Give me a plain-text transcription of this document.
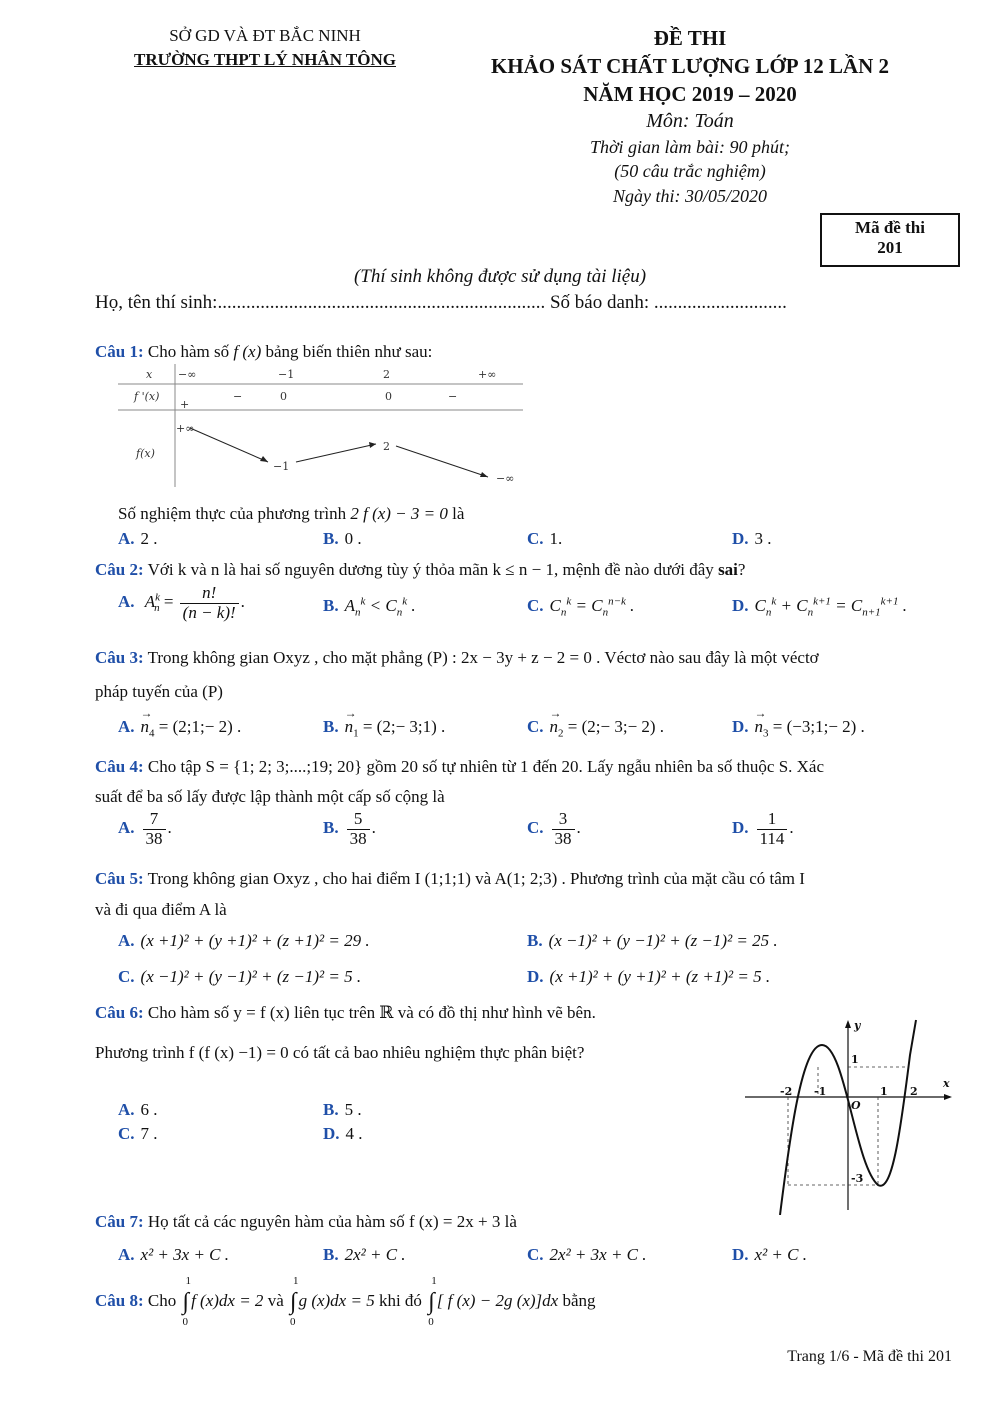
SỞ GD VÀ ĐT BẮC NINH
TRƯỜNG THPT LÝ NHÂN TÔNG
ĐỀ THI
KHẢO SÁT CHẤT LƯỢNG LỚP 12 LẦN 2
NĂM HỌC 2019 – 2020
Môn: Toán
Thời gian làm bài: 90 phút;
(50 câu trắc nghiệm)
Ngày thi: 30/05/2020
Mã đề thi
201
(Thí sinh không được sử dụng tài liệu)
Họ, tên thí sinh:..................................................................... Số báo danh: ............................
Câu 1: Cho hàm số f (x) bảng biến thiên như sau:
x −∞	−1	2	+∞
f '(x)
+
−	0	0	−
f(x)
+∞
−1
2
−∞
Số nghiệm thực của phương trình 2 f (x) − 3 = 0 là
A. 2 .	B. 0 .	C. 1.	D. 3 .
Câu 2: Với k và n là hai số nguyên dương tùy ý thỏa mãn k ≤ n − 1, mệnh đề nào dưới đây sai?
A. $A^k_n = \frac{n!}{(n - k)!}$ .	B. $A_n^k < C_n^k$ .	C. $C_n^k = C_n^{n-k}$ .	D. $C_n^k + C_n^{k+1} = C_{n+1}^{k+1}$ .
Câu 3: Trong không gian Oxyz , cho mặt phẳng (P) : 2x − 3y + z − 2 = 0 . Véctơ nào sau đây là một véctơ
pháp tuyến của (P)
$A.\to n_4$ = (2;1;− 2) .	$B.\to n_1$ = (2;− 3;1) .	$C.\to n_2$ = (2;− 3;− 2) .	$D.\to n_3$ = (−3;1;− 2) .
Câu 4: Cho tập S = {1; 2; 3;....;19; 20} gồm 20 số tự nhiên từ 1 đến 20. Lấy ngẫu nhiên ba số thuộc S. Xác
suất để ba số lấy được lập thành một cấp số cộng là
A. $\frac{7}{38}$ .	B. $\frac{5}{38}$ .	C. $\frac{3}{38}$ .	D. $\frac{1}{114}$ .
Câu 5: Trong không gian Oxyz , cho hai điểm I (1;1;1) và A(1; 2;3) . Phương trình của mặt cầu có tâm I
và đi qua điểm A là
A. (x +1)² + (y +1)² + (z +1)² = 29 .	B. (x −1)² + (y −1)² + (z −1)² = 25 .
C. (x −1)² + (y −1)² + (z −1)² = 5 .	D. (x +1)² + (y +1)² + (z +1)² = 5 .
Câu 6: Cho hàm số y = f (x) liên tục trên ℝ và có đồ thị như hình vẽ bên.
Phương trình f (f (x) −1) = 0 có tất cả bao nhiêu nghiệm thực phân biệt?
A. 6 .	B. 5 .
C. 7 .	D. 4 .
x
y
O
1 2
-1
-2
1
-3
Câu 7: Họ tất cả các nguyên hàm của hàm số f (x) = 2x + 3 là
A. x² + 3x + C .	B. 2x² + C .	C. 2x² + 3x + C .	D. x² + C .
Câu 8: Cho ∫
1
0
f (x)dx = 2 và ∫
1
0
g (x)dx = 5 khi đó ∫
1
0
[ f (x) − 2g (x)]dx bằng
Trang 1/6 - Mã đề thi 201
